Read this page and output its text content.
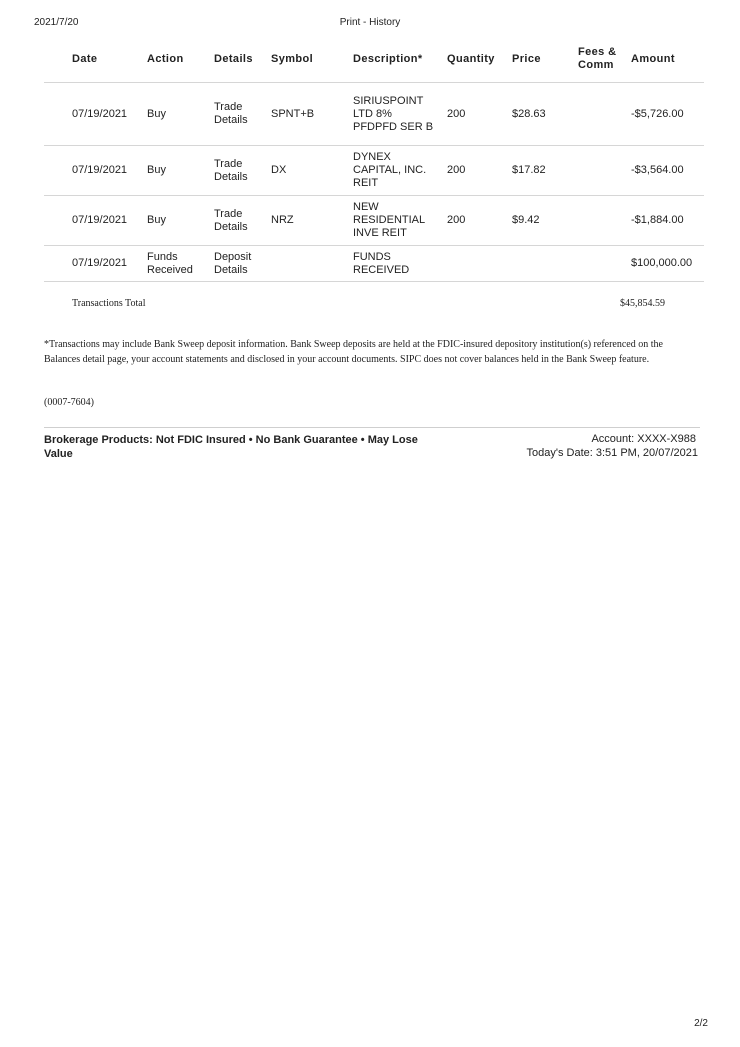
2021/7/20	Print - History
	Date	Action	Details	Symbol	Description*	Quantity	Price	Fees & Comm	Amount
	07/19/2021	Buy	Trade Details	SPNT+B	SIRIUSPOINT LTD 8% PFDPFD SER B	200	$28.63		-$5,726.00
	07/19/2021	Buy	Trade Details	DX	DYNEX CAPITAL, INC. REIT	200	$17.82		-$3,564.00
	07/19/2021	Buy	Trade Details	NRZ	NEW RESIDENTIAL INVE REIT	200	$9.42		-$1,884.00
	07/19/2021	Funds Received	Deposit Details		FUNDS RECEIVED				$100,000.00
Transactions Total	$45,854.59
*Transactions may include Bank Sweep deposit information. Bank Sweep deposits are held at the FDIC-insured depository institution(s) referenced on the Balances detail page, your account statements and disclosed in your account documents. SIPC does not cover balances held in the Bank Sweep feature.
(0007-7604)
Brokerage Products: Not FDIC Insured • No Bank Guarantee • May Lose Value
Account: XXXX-X988
Today's Date: 3:51 PM, 20/07/2021
2/2
